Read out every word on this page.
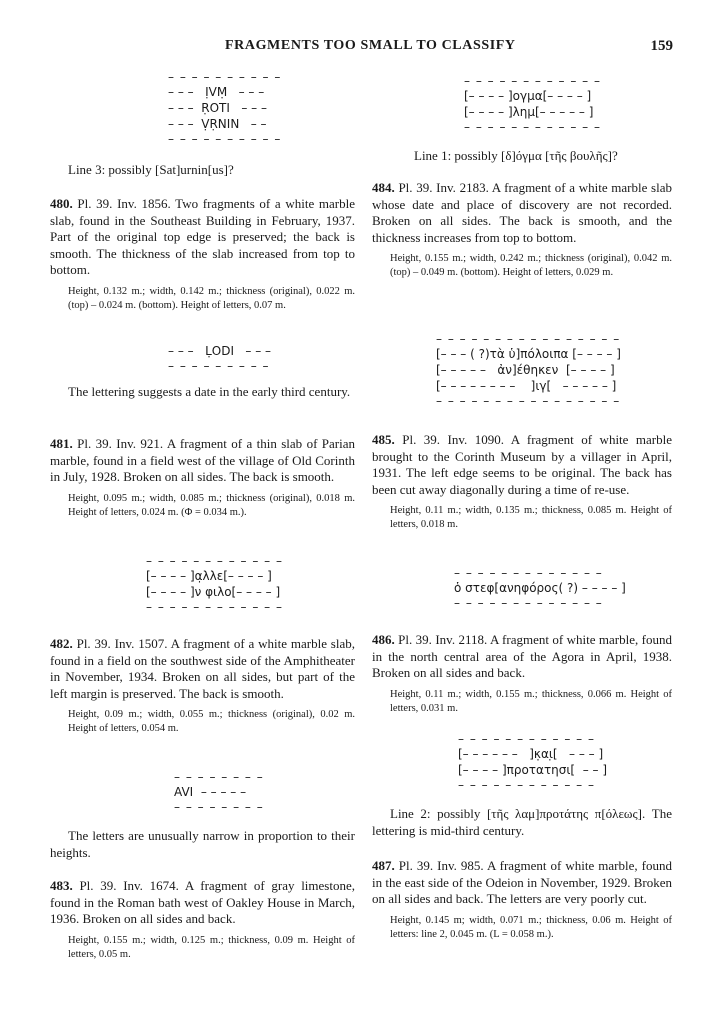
FRAGMENTS TOO SMALL TO CLASSIFY	159
– – – – – – – – – –
– – –   ỊVṂ   – – –
– – –  ṚOTI   – – –
– – –  ṾṚNIN   – –
– – – – – – – – – –

Line 3: possibly [Sat]urnin[us]?

480. Pl. 39. Inv. 1856. Two fragments of a white marble slab, found in the Southeast Building in February, 1937. Part of the original top edge is preserved; the back is smooth. The thickness of the slab increased from top to bottom.
Height, 0.132 m.; width, 0.142 m.; thickness (original), 0.022 m. (top) – 0.024 m. (bottom). Height of letters, 0.07 m.
– – –   ḶODI   – – –
– – – – – – – – –

The lettering suggests a date in the early third century.

481. Pl. 39. Inv. 921. A fragment of a thin slab of Parian marble, found in a field west of the village of Old Corinth in July, 1928. Broken on all sides. The back is smooth.
Height, 0.095 m.; width, 0.085 m.; thickness (original), 0.018 m. Height of letters, 0.024 m. (Φ = 0.034 m.).
– – – – – – – – – – – –
[– – – – ]α̣λλε[– – – – ]
[– – – – ]ν φιλο[– – – – ]
– – – – – – – – – – – –
482. Pl. 39. Inv. 1507. A fragment of a white marble slab, found in a field on the southwest side of the Amphitheater in November, 1934. Broken on all sides, but part of the left margin is preserved. The back is smooth.
Height, 0.09 m.; width, 0.055 m.; thickness (original), 0.02 m. Height of letters, 0.054 m.
– – – – – – – –
AVI  – – – – –
– – – – – – – –

The letters are unusually narrow in proportion to their heights.

483. Pl. 39. Inv. 1674. A fragment of gray limestone, found in the Roman bath west of Oakley House in March, 1936. Broken on all sides and back.
Height, 0.155 m.; width, 0.125 m.; thickness, 0.09 m. Height of letters, 0.05 m.
– – – – – – – – – – – –
[– – – – ]ογμα[– – – – ]
[– – – – ]λημ[– – – – – ]
– – – – – – – – – – – –

Line 1: possibly [δ]όγμα [τῆς βουλῆς]?

484. Pl. 39. Inv. 2183. A fragment of a white marble slab whose date and place of discovery are not recorded. Broken on all sides. The back is smooth, and the thickness increases from top to bottom.
Height, 0.155 m.; width, 0.242 m.; thickness (original), 0.042 m. (top) – 0.049 m. (bottom). Height of letters, 0.029 m.
– – – – – – – – – – – – – – – –
[– – – ( ?)τὰ ὑ]πόλοιπα [– – – – ]
[– – – – –   ἀν]έθηκεν  [– – – – ]
[– – – – – – – –    ]ιγ[   – – – – – ]
– – – – – – – – – – – – – – – –
485. Pl. 39. Inv. 1090. A fragment of white marble brought to the Corinth Museum by a villager in April, 1931. The left edge seems to be original. The back has been cut away diagonally during a time of re-use.
Height, 0.11 m.; width, 0.135 m.; thickness, 0.085 m. Height of letters, 0.018 m.
– – – – – – – – – – – – –
ὁ στεφ[ανηφόρος( ?) – – – – ]
– – – – – – – – – – – – –
486. Pl. 39. Inv. 2118. A fragment of white marble, found in the north central area of the Agora in April, 1938. Broken on all sides and back.
Height, 0.11 m.; width, 0.155 m.; thickness, 0.066 m. Height of letters, 0.031 m.
– – – – – – – – – – – –
[– – – – – –   ]κ̣αι̣[   – – – ]
[– – – – ]προτατησι[  – – ]
– – – – – – – – – – – –

Line 2: possibly [τῆς λαμ]προτάτης π[όλεως]. The lettering is mid-third century.

487. Pl. 39. Inv. 985. A fragment of white marble, found in the east side of the Odeion in November, 1929. Broken on all sides and back. The letters are very poorly cut.
Height, 0.145 m; width, 0.071 m.; thickness, 0.06 m. Height of letters: line 2, 0.045 m. (L = 0.058 m.).
